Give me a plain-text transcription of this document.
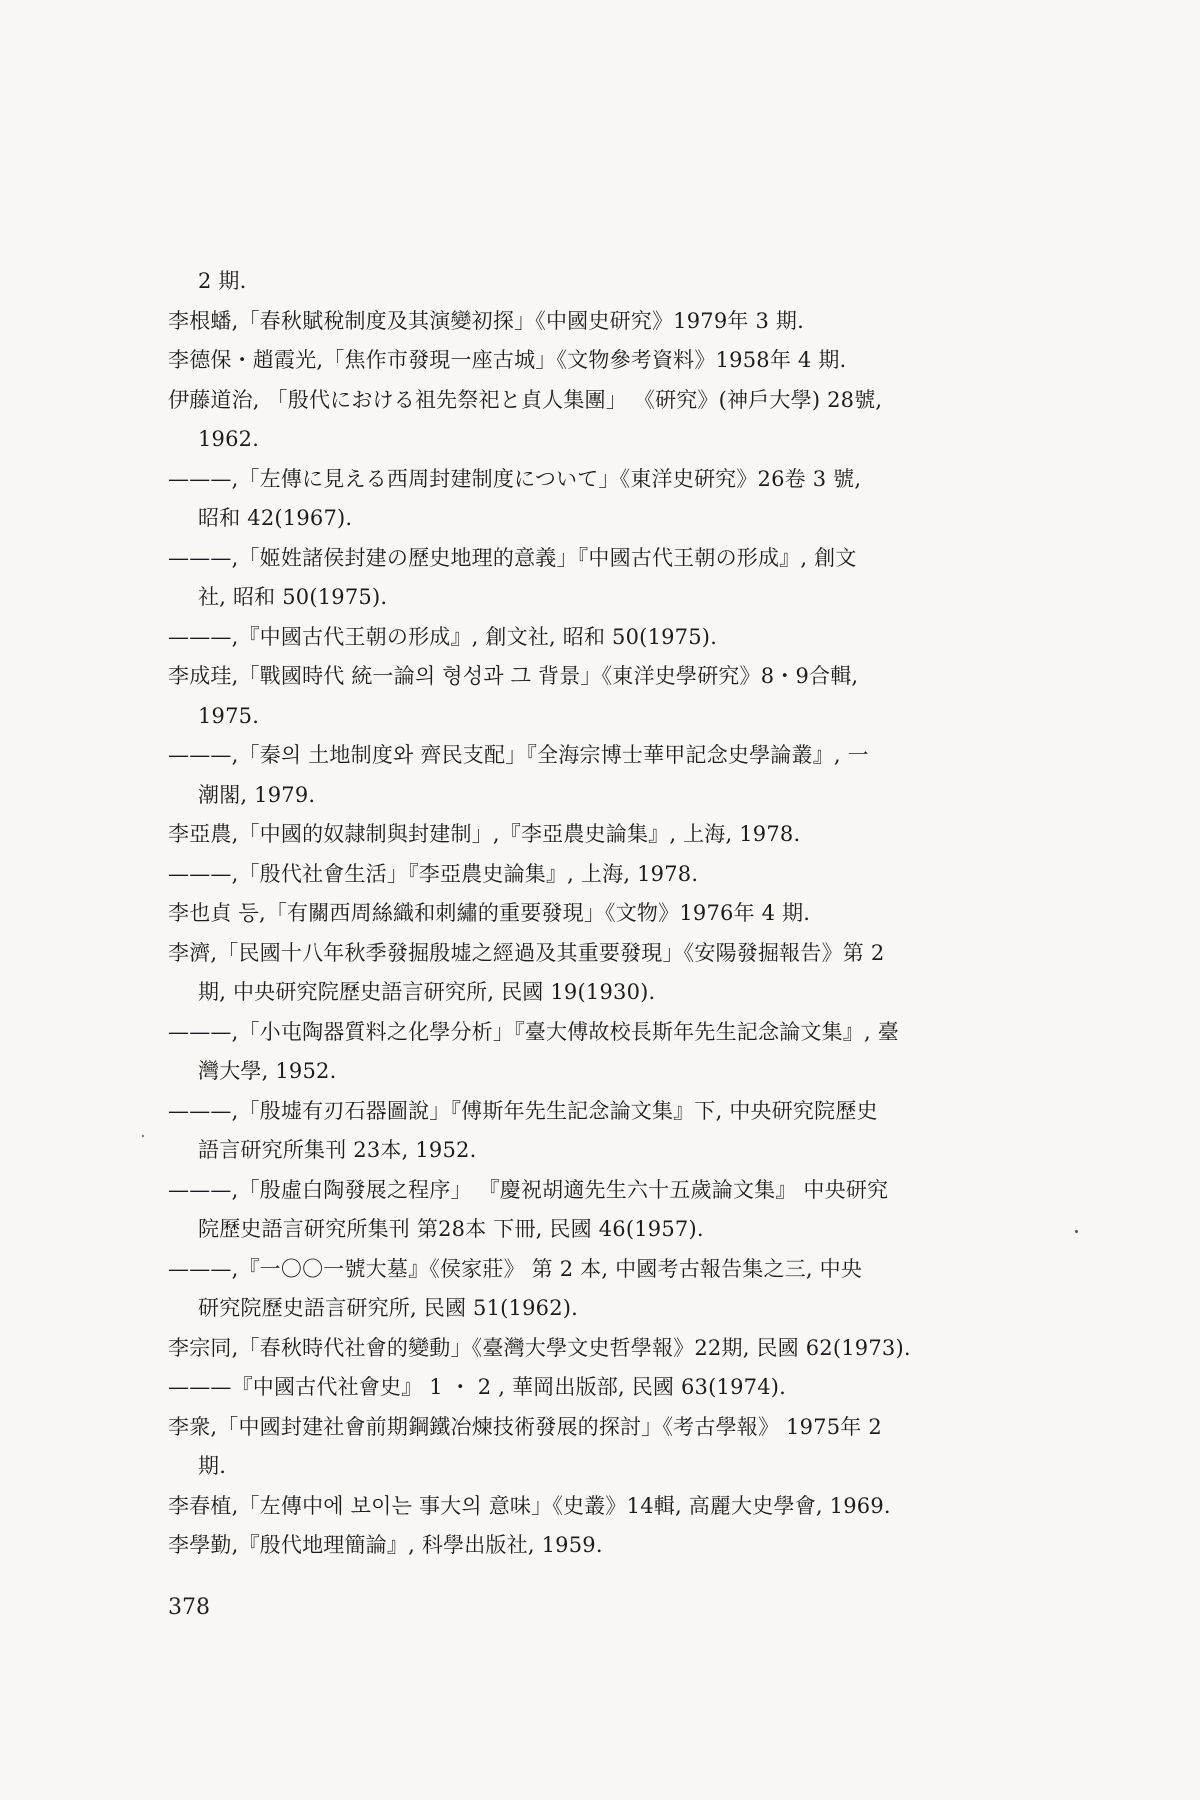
2 期.
李根蟠,「春秋賦稅制度及其演變初探」《中國史研究》1979年 3 期.
李德保・趙霞光,「焦作市發現一座古城」《文物參考資料》1958年 4 期.
伊藤道治, 「殷代における祖先祭祀と貞人集團」 《硏究》(神戶大學) 28號,
1962.
———,「左傳に見える西周封建制度について」《東洋史硏究》26卷 3 號,
昭和 42(1967).
———,「姬姓諸侯封建の歷史地理的意義」『中國古代王朝の形成』, 創文
社, 昭和 50(1975).
———,『中國古代王朝の形成』, 創文社, 昭和 50(1975).
李成珪,「戰國時代 統一論의 형성과 그 背景」《東洋史學硏究》8・9合輯,
1975.
———,「秦의 土地制度와 齊民支配」『全海宗博士華甲記念史學論叢』, 一
潮閣, 1979.
李亞農,「中國的奴隷制與封建制」,『李亞農史論集』, 上海, 1978.
———,「殷代社會生活」『李亞農史論集』, 上海, 1978.
李也貞 등,「有關西周絲織和刺繡的重要發現」《文物》1976年 4 期.
李濟,「民國十八年秋季發掘殷墟之經過及其重要發現」《安陽發掘報告》第 2
期, 中央研究院歷史語言研究所, 民國 19(1930).
———,「小屯陶器質料之化學分析」『臺大傅故校長斯年先生記念論文集』, 臺
灣大學, 1952.
———,「殷墟有刃石器圖說」『傅斯年先生記念論文集』下, 中央研究院歷史
語言研究所集刊 23本, 1952.
———,「殷虛白陶發展之程序」 『慶祝胡適先生六十五歲論文集』 中央研究
院歷史語言研究所集刊 第28本 下冊, 民國 46(1957).
———,『一〇〇一號大墓』《侯家莊》 第 2 本, 中國考古報告集之三, 中央
研究院歷史語言研究所, 民國 51(1962).
李宗同,「春秋時代社會的變動」《臺灣大學文史哲學報》22期, 民國 62(1973).
———『中國古代社會史』 1 ・ 2 , 華岡出版部, 民國 63(1974).
李衆,「中國封建社會前期鋼鐵冶煉技術發展的探討」《考古學報》 1975年 2
期.
李春植,「左傳中에 보이는 事大의 意味」《史叢》14輯, 高麗大史學會, 1969.
李學勤,『殷代地理簡論』, 科學出版社, 1959.
378
